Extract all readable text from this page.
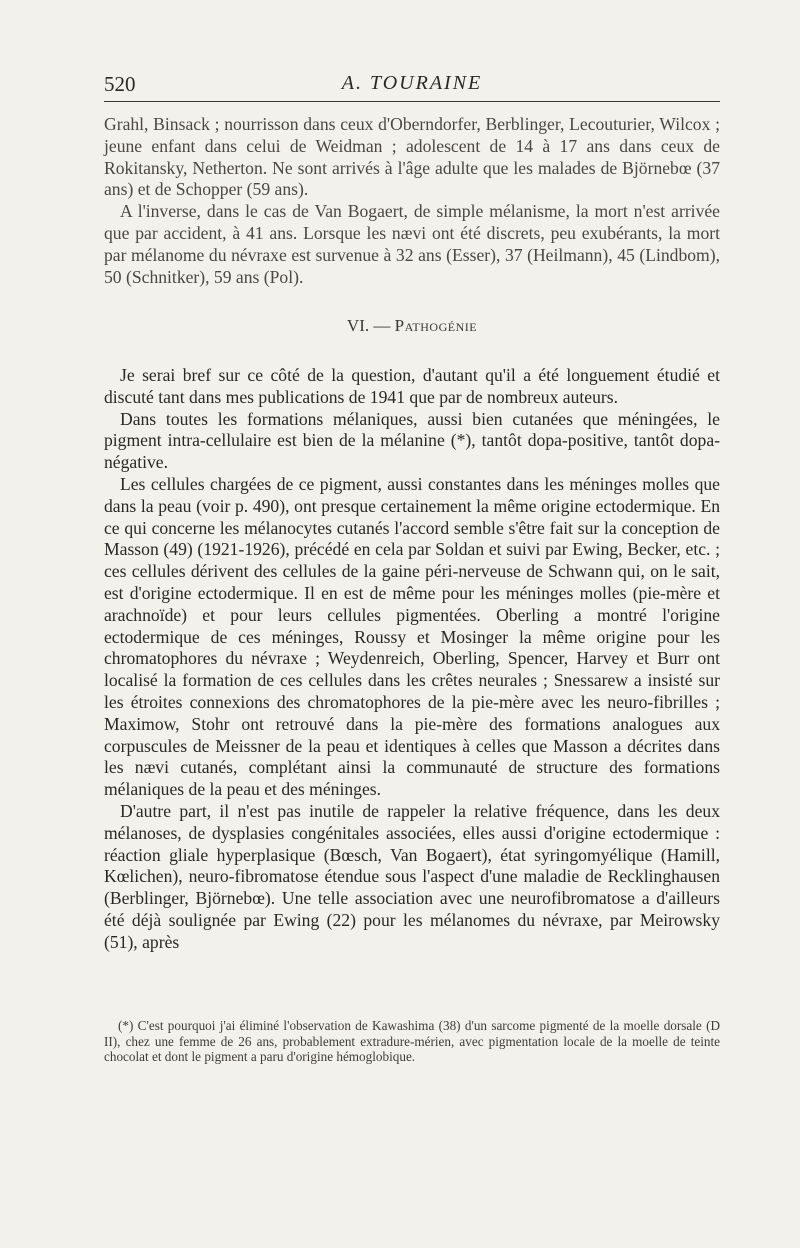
520	A. TOURAINE

Grahl, Binsack ; nourrisson dans ceux d'Oberndorfer, Berblinger, Lecouturier, Wilcox ; jeune enfant dans celui de Weidman ; adolescent de 14 à 17 ans dans ceux de Rokitansky, Netherton. Ne sont arrivés à l'âge adulte que les malades de Björnebœ (37 ans) et de Schopper (59 ans).

A l'inverse, dans le cas de Van Bogaert, de simple mélanisme, la mort n'est arrivée que par accident, à 41 ans. Lorsque les nævi ont été discrets, peu exubérants, la mort par mélanome du névraxe est survenue à 32 ans (Esser), 37 (Heilmann), 45 (Lindbom), 50 (Schnitker), 59 ans (Pol).

VI. — Pathogénie

Je serai bref sur ce côté de la question, d'autant qu'il a été longuement étudié et discuté tant dans mes publications de 1941 que par de nombreux auteurs.

Dans toutes les formations mélaniques, aussi bien cutanées que méningées, le pigment intra-cellulaire est bien de la mélanine (*), tantôt dopa-positive, tantôt dopa-négative.

Les cellules chargées de ce pigment, aussi constantes dans les méninges molles que dans la peau (voir p. 490), ont presque certainement la même origine ectodermique. En ce qui concerne les mélanocytes cutanés l'accord semble s'être fait sur la conception de Masson (49) (1921-1926), précédé en cela par Soldan et suivi par Ewing, Becker, etc. ; ces cellules dérivent des cellules de la gaine péri-nerveuse de Schwann qui, on le sait, est d'origine ectodermique. Il en est de même pour les méninges molles (pie-mère et arachnoïde) et pour leurs cellules pigmentées. Oberling a montré l'origine ectodermique de ces méninges, Roussy et Mosinger la même origine pour les chromatophores du névraxe ; Weydenreich, Oberling, Spencer, Harvey et Burr ont localisé la formation de ces cellules dans les crêtes neurales ; Snessarew a insisté sur les étroites connexions des chromatophores de la pie-mère avec les neuro-fibrilles ; Maximow, Stohr ont retrouvé dans la pie-mère des formations analogues aux corpuscules de Meissner de la peau et identiques à celles que Masson a décrites dans les nævi cutanés, complétant ainsi la communauté de structure des formations mélaniques de la peau et des méninges.

D'autre part, il n'est pas inutile de rappeler la relative fréquence, dans les deux mélanoses, de dysplasies congénitales associées, elles aussi d'origine ectodermique : réaction gliale hyperplasique (Bœsch, Van Bogaert), état syringomyélique (Hamill, Kœlichen), neuro-fibromatose étendue sous l'aspect d'une maladie de Recklinghausen (Berblinger, Björnebœ). Une telle association avec une neurofibromatose a d'ailleurs été déjà soulignée par Ewing (22) pour les mélanomes du névraxe, par Meirowsky (51), après

(*) C'est pourquoi j'ai éliminé l'observation de Kawashima (38) d'un sarcome pigmenté de la moelle dorsale (D II), chez une femme de 26 ans, probablement extradure-mérien, avec pigmentation locale de la moelle de teinte chocolat et dont le pigment a paru d'origine hémoglobique.
